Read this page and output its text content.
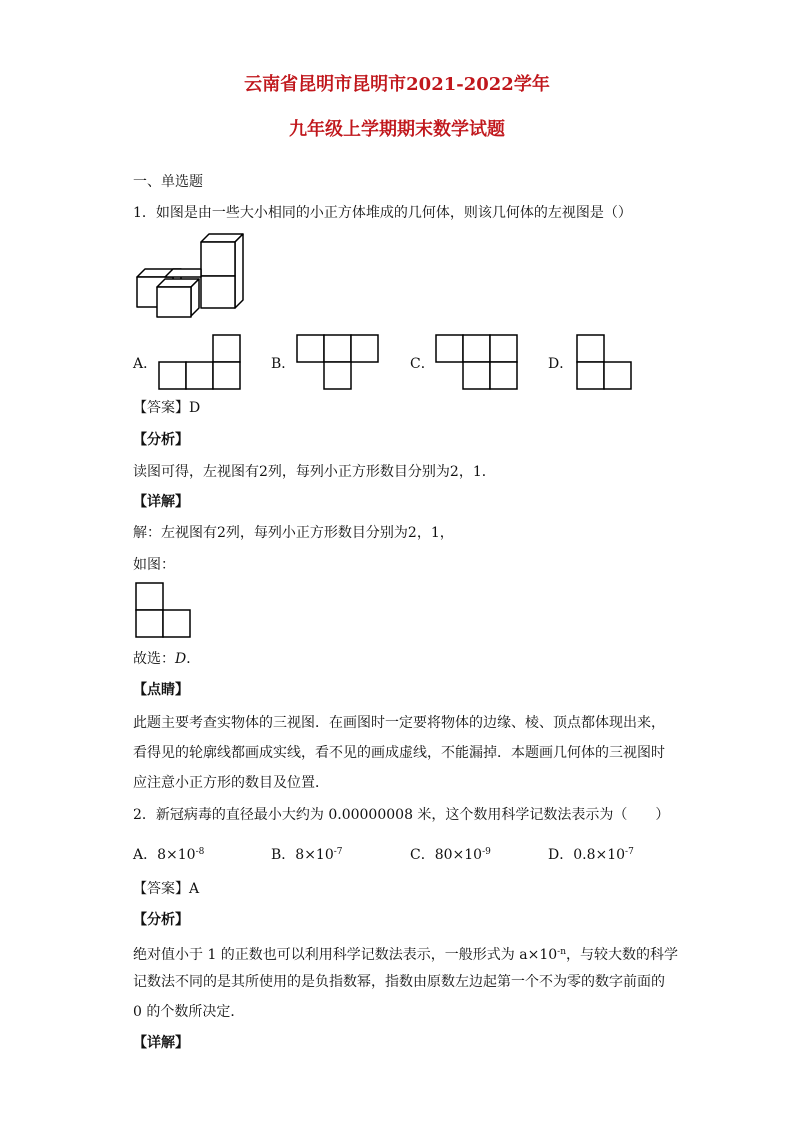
云南省昆明市昆明市2021-2022学年
九年级上学期期末数学试题
一、单选题
1．如图是由一些大小相同的小正方体堆成的几何体，则该几何体的左视图是（）
A．	B．	C．	D．
【答案】D
【分析】
读图可得，左视图有2列，每列小正方形数目分别为2，1．
【详解】
解：左视图有2列，每列小正方形数目分别为2，1，
如图：
故选：D．
【点睛】
此题主要考查实物体的三视图．在画图时一定要将物体的边缘、棱、顶点都体现出来，
看得见的轮廓线都画成实线，看不见的画成虚线，不能漏掉．本题画几何体的三视图时
应注意小正方形的数目及位置．
2．新冠病毒的直径最小大约为 0.00000008 米，这个数用科学记数法表示为（　　）
A．$8\times 10^{-8}$	B．$8\times 10^{-7}$	C．$80\times 10^{-9}$	D．$0.8\times 10^{-7}$
【答案】A
【分析】
绝对值小于 1 的正数也可以利用科学记数法表示，一般形式为 $a\times 10^{-n}$，与较大数的科学
记数法不同的是其所使用的是负指数幂，指数由原数左边起第一个不为零的数字前面的
0 的个数所决定．
【详解】
